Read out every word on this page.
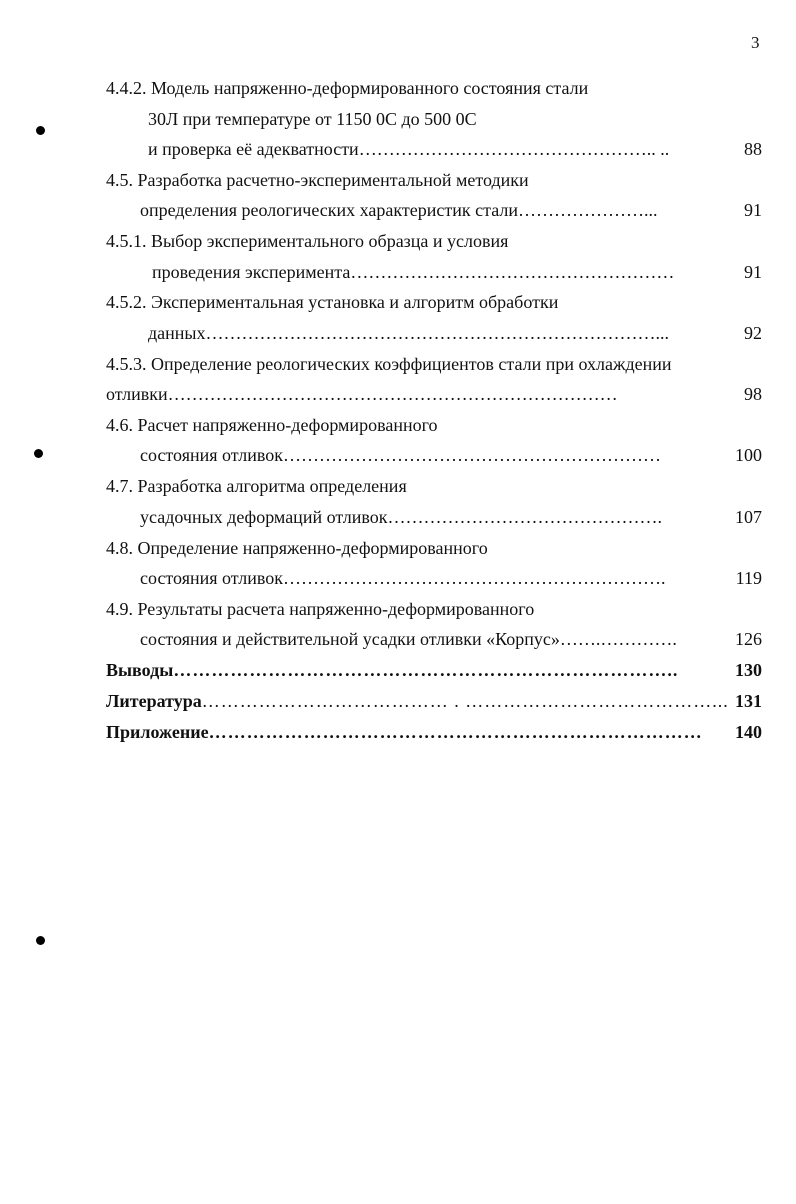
3
4.4.2. Модель напряженно-деформированного состояния стали
30Л при температуре от 1150 0С до 500 0С
и проверка её адекватности………………………………………….. ..	88
4.5. Разработка расчетно-экспериментальной методики
определения реологических характеристик стали…………………...	91
4.5.1. Выбор экспериментального образца и условия
проведения эксперимента………………………………………………	91
4.5.2. Экспериментальная установка и алгоритм обработки
данных…………………………………………………………………...	92
4.5.3. Определение реологических коэффициентов стали при охлаждении
отливки…………………………………………………………………	98
4.6. Расчет напряженно-деформированного
состояния отливок………………………………………………………	100
4.7. Разработка алгоритма определения
усадочных деформаций отливок……………………………………….	107
4.8. Определение напряженно-деформированного
состояния отливок……………………………………………………….	119
4.9. Результаты расчета напряженно-деформированного
состояния и действительной усадки отливки «Корпус»…….………….	126
Выводы……………………………………………………………………..	130
Литература………………………………… . …………………………………... 131
Приложение…………………………………………………………………… 140
